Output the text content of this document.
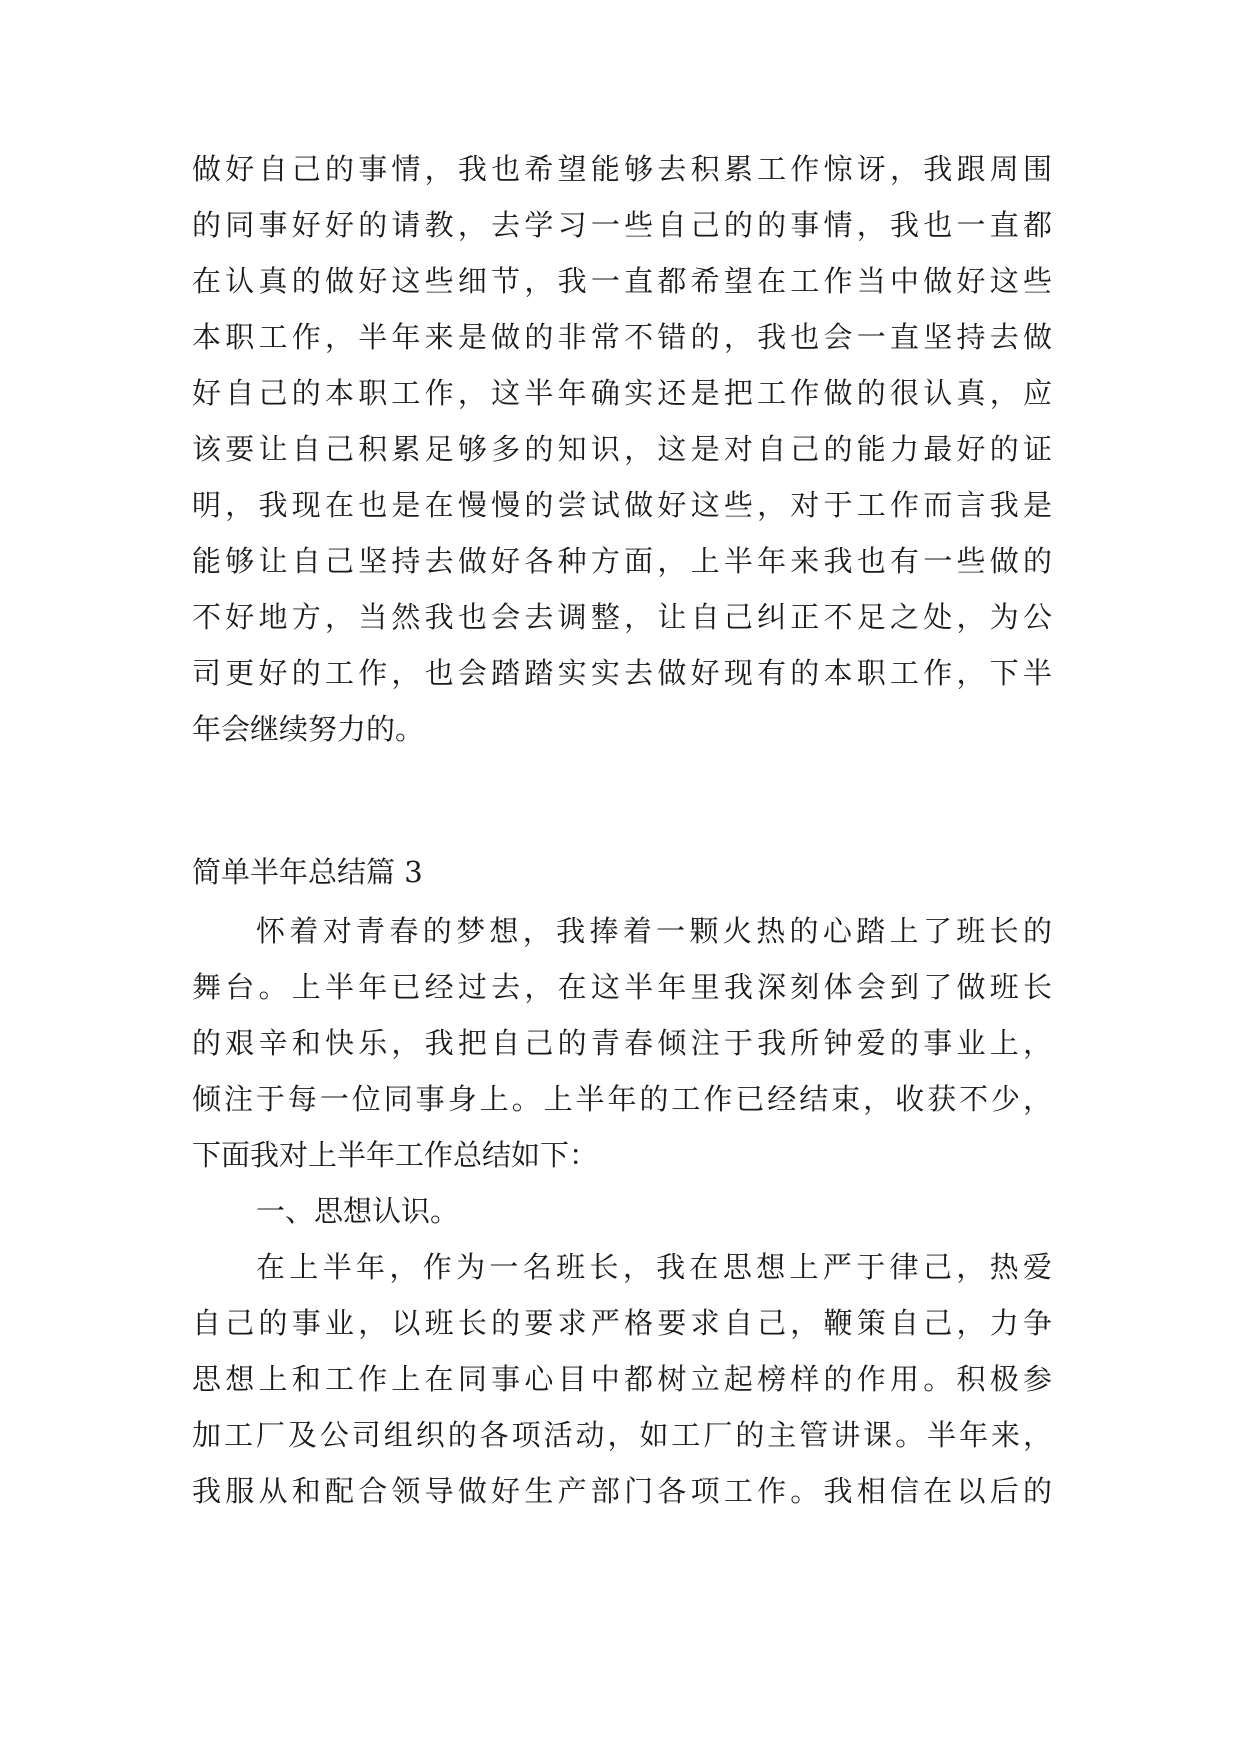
做好自己的事情，我也希望能够去积累工作惊讶，我跟周围
的同事好好的请教，去学习一些自己的的事情，我也一直都
在认真的做好这些细节，我一直都希望在工作当中做好这些
本职工作，半年来是做的非常不错的，我也会一直坚持去做
好自己的本职工作，这半年确实还是把工作做的很认真，应
该要让自己积累足够多的知识，这是对自己的能力最好的证
明，我现在也是在慢慢的尝试做好这些，对于工作而言我是
能够让自己坚持去做好各种方面，上半年来我也有一些做的
不好地方，当然我也会去调整，让自己纠正不足之处，为公
司更好的工作，也会踏踏实实去做好现有的本职工作，下半
年会继续努力的。
简单半年总结篇 3
怀着对青春的梦想，我捧着一颗火热的心踏上了班长的
舞台。上半年已经过去，在这半年里我深刻体会到了做班长
的艰辛和快乐，我把自己的青春倾注于我所钟爱的事业上，
倾注于每一位同事身上。上半年的工作已经结束，收获不少，
下面我对上半年工作总结如下：
一、思想认识。
在上半年，作为一名班长，我在思想上严于律己，热爱
自己的事业，以班长的要求严格要求自己，鞭策自己，力争
思想上和工作上在同事心目中都树立起榜样的作用。积极参
加工厂及公司组织的各项活动，如工厂的主管讲课。半年来，
我服从和配合领导做好生产部门各项工作。我相信在以后的
